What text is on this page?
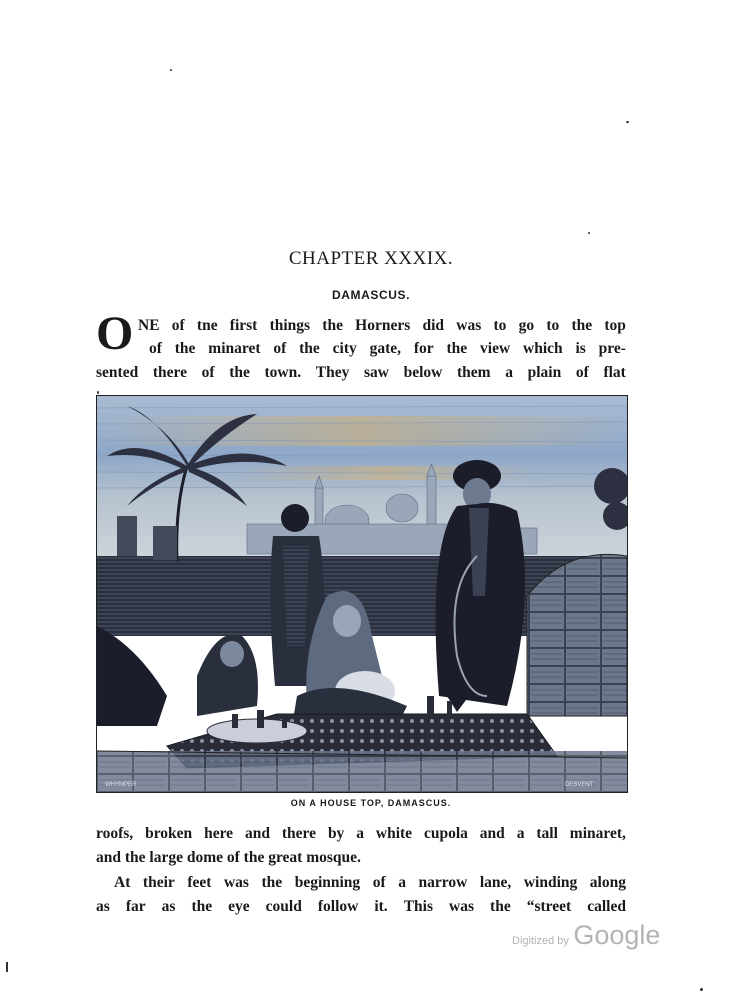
CHAPTER XXXIX.
DAMASCUS.
O NE of tne first things the Horners did was to go to the top
of the minaret of the city gate, for the view which is pre-
sented there of the town. They saw below them a plain of flat
WHYMPER	DESVENT
ON A HOUSE TOP, DAMASCUS.
roofs, broken here and there by a white cupola and a tall minaret,
and the large dome of the great mosque.
At their feet was the beginning of a narrow lane, winding along
as far as the eye could follow it. This was the “street called
Digitized by Google
